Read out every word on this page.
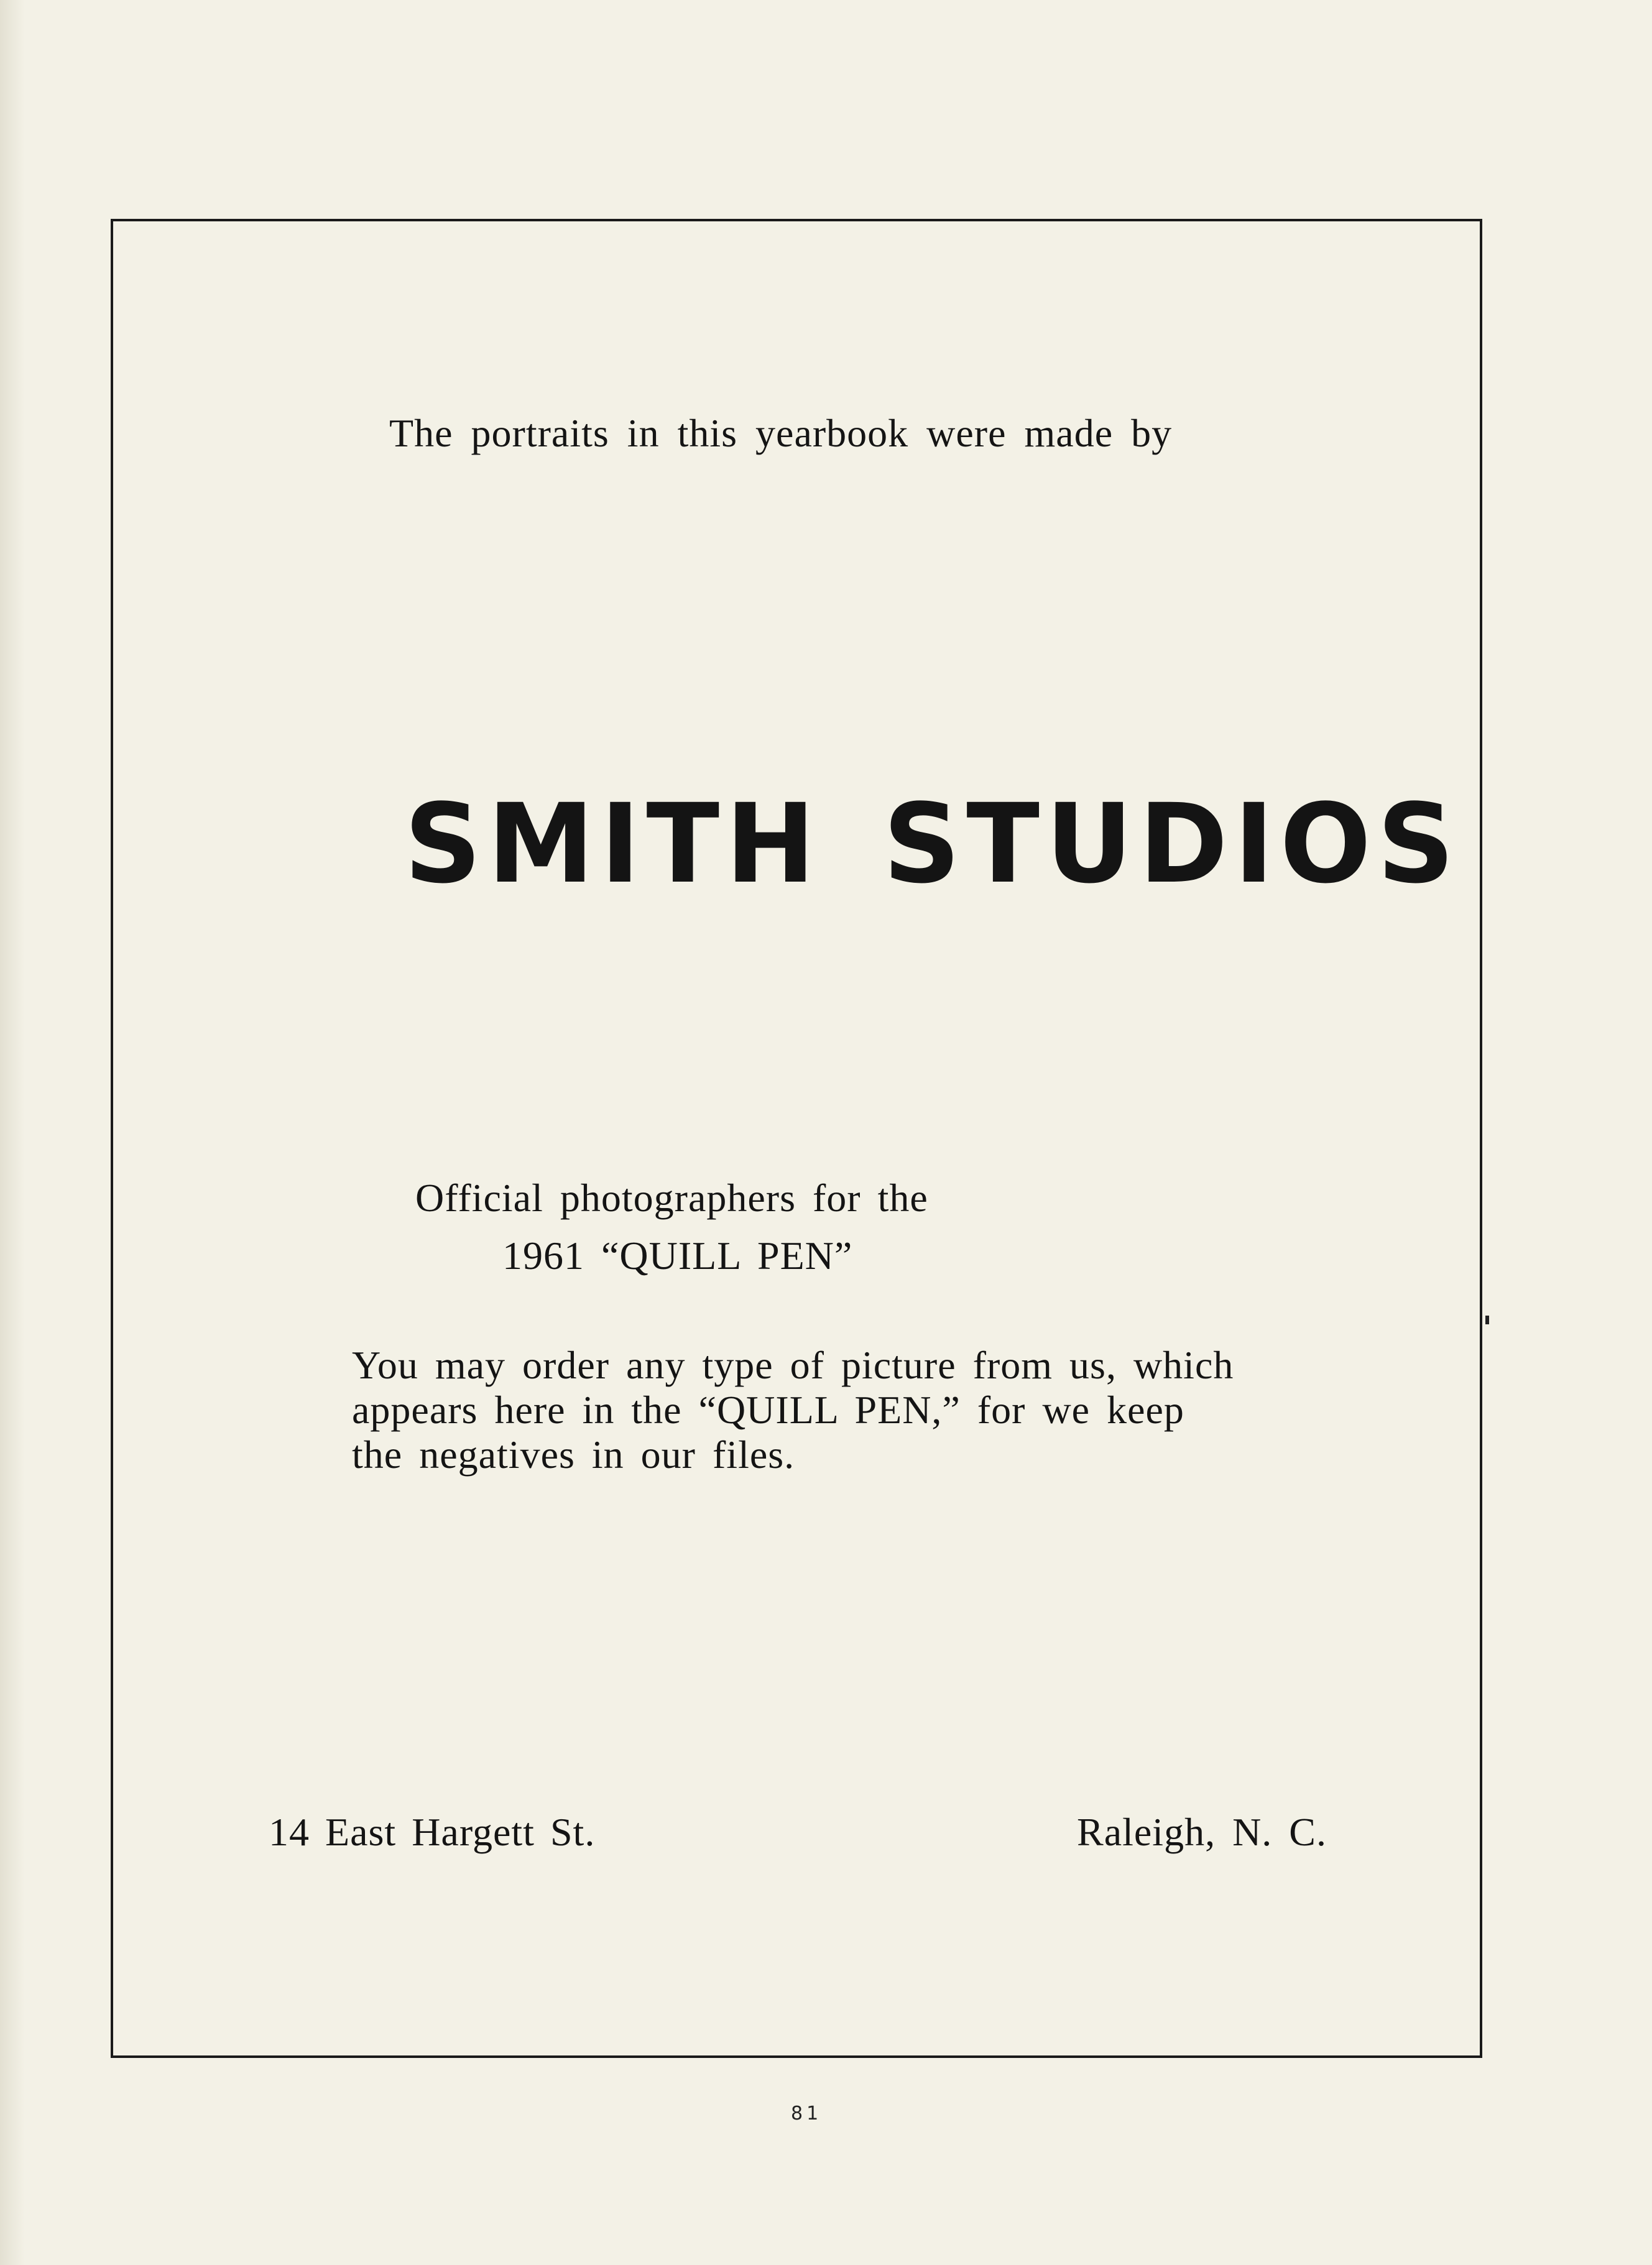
The portraits in this yearbook were made by

SMITH STUDIOS

Official photographers for the

1961 “QUILL PEN”

You may order any type of picture from us, which
appears here in the “QUILL PEN,” for we keep
the negatives in our files.

14 East Hargett St.	Raleigh, N. C.

81
